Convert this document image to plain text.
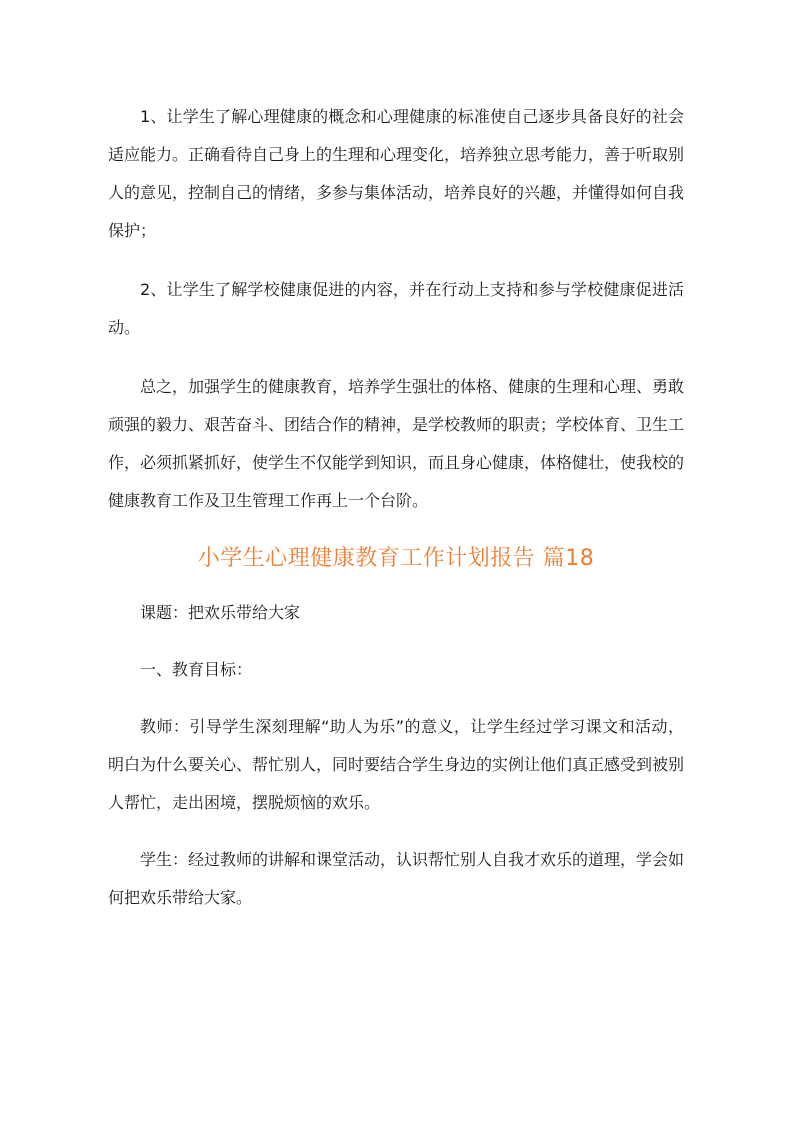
1、让学生了解心理健康的概念和心理健康的标准使自己逐步具备良好的社会适应能力。正确看待自己身上的生理和心理变化，培养独立思考能力，善于听取别人的意见，控制自己的情绪，多参与集体活动，培养良好的兴趣，并懂得如何自我保护；

2、让学生了解学校健康促进的内容，并在行动上支持和参与学校健康促进活动。

总之，加强学生的健康教育，培养学生强壮的体格、健康的生理和心理、勇敢顽强的毅力、艰苦奋斗、团结合作的精神，是学校教师的职责；学校体育、卫生工作，必须抓紧抓好，使学生不仅能学到知识，而且身心健康，体格健壮，使我校的健康教育工作及卫生管理工作再上一个台阶。

小学生心理健康教育工作计划报告 篇18

课题：把欢乐带给大家

一、教育目标：

教师：引导学生深刻理解“助人为乐”的意义，让学生经过学习课文和活动，明白为什么要关心、帮忙别人，同时要结合学生身边的实例让他们真正感受到被别人帮忙，走出困境，摆脱烦恼的欢乐。

学生：经过教师的讲解和课堂活动，认识帮忙别人自我才欢乐的道理，学会如何把欢乐带给大家。
